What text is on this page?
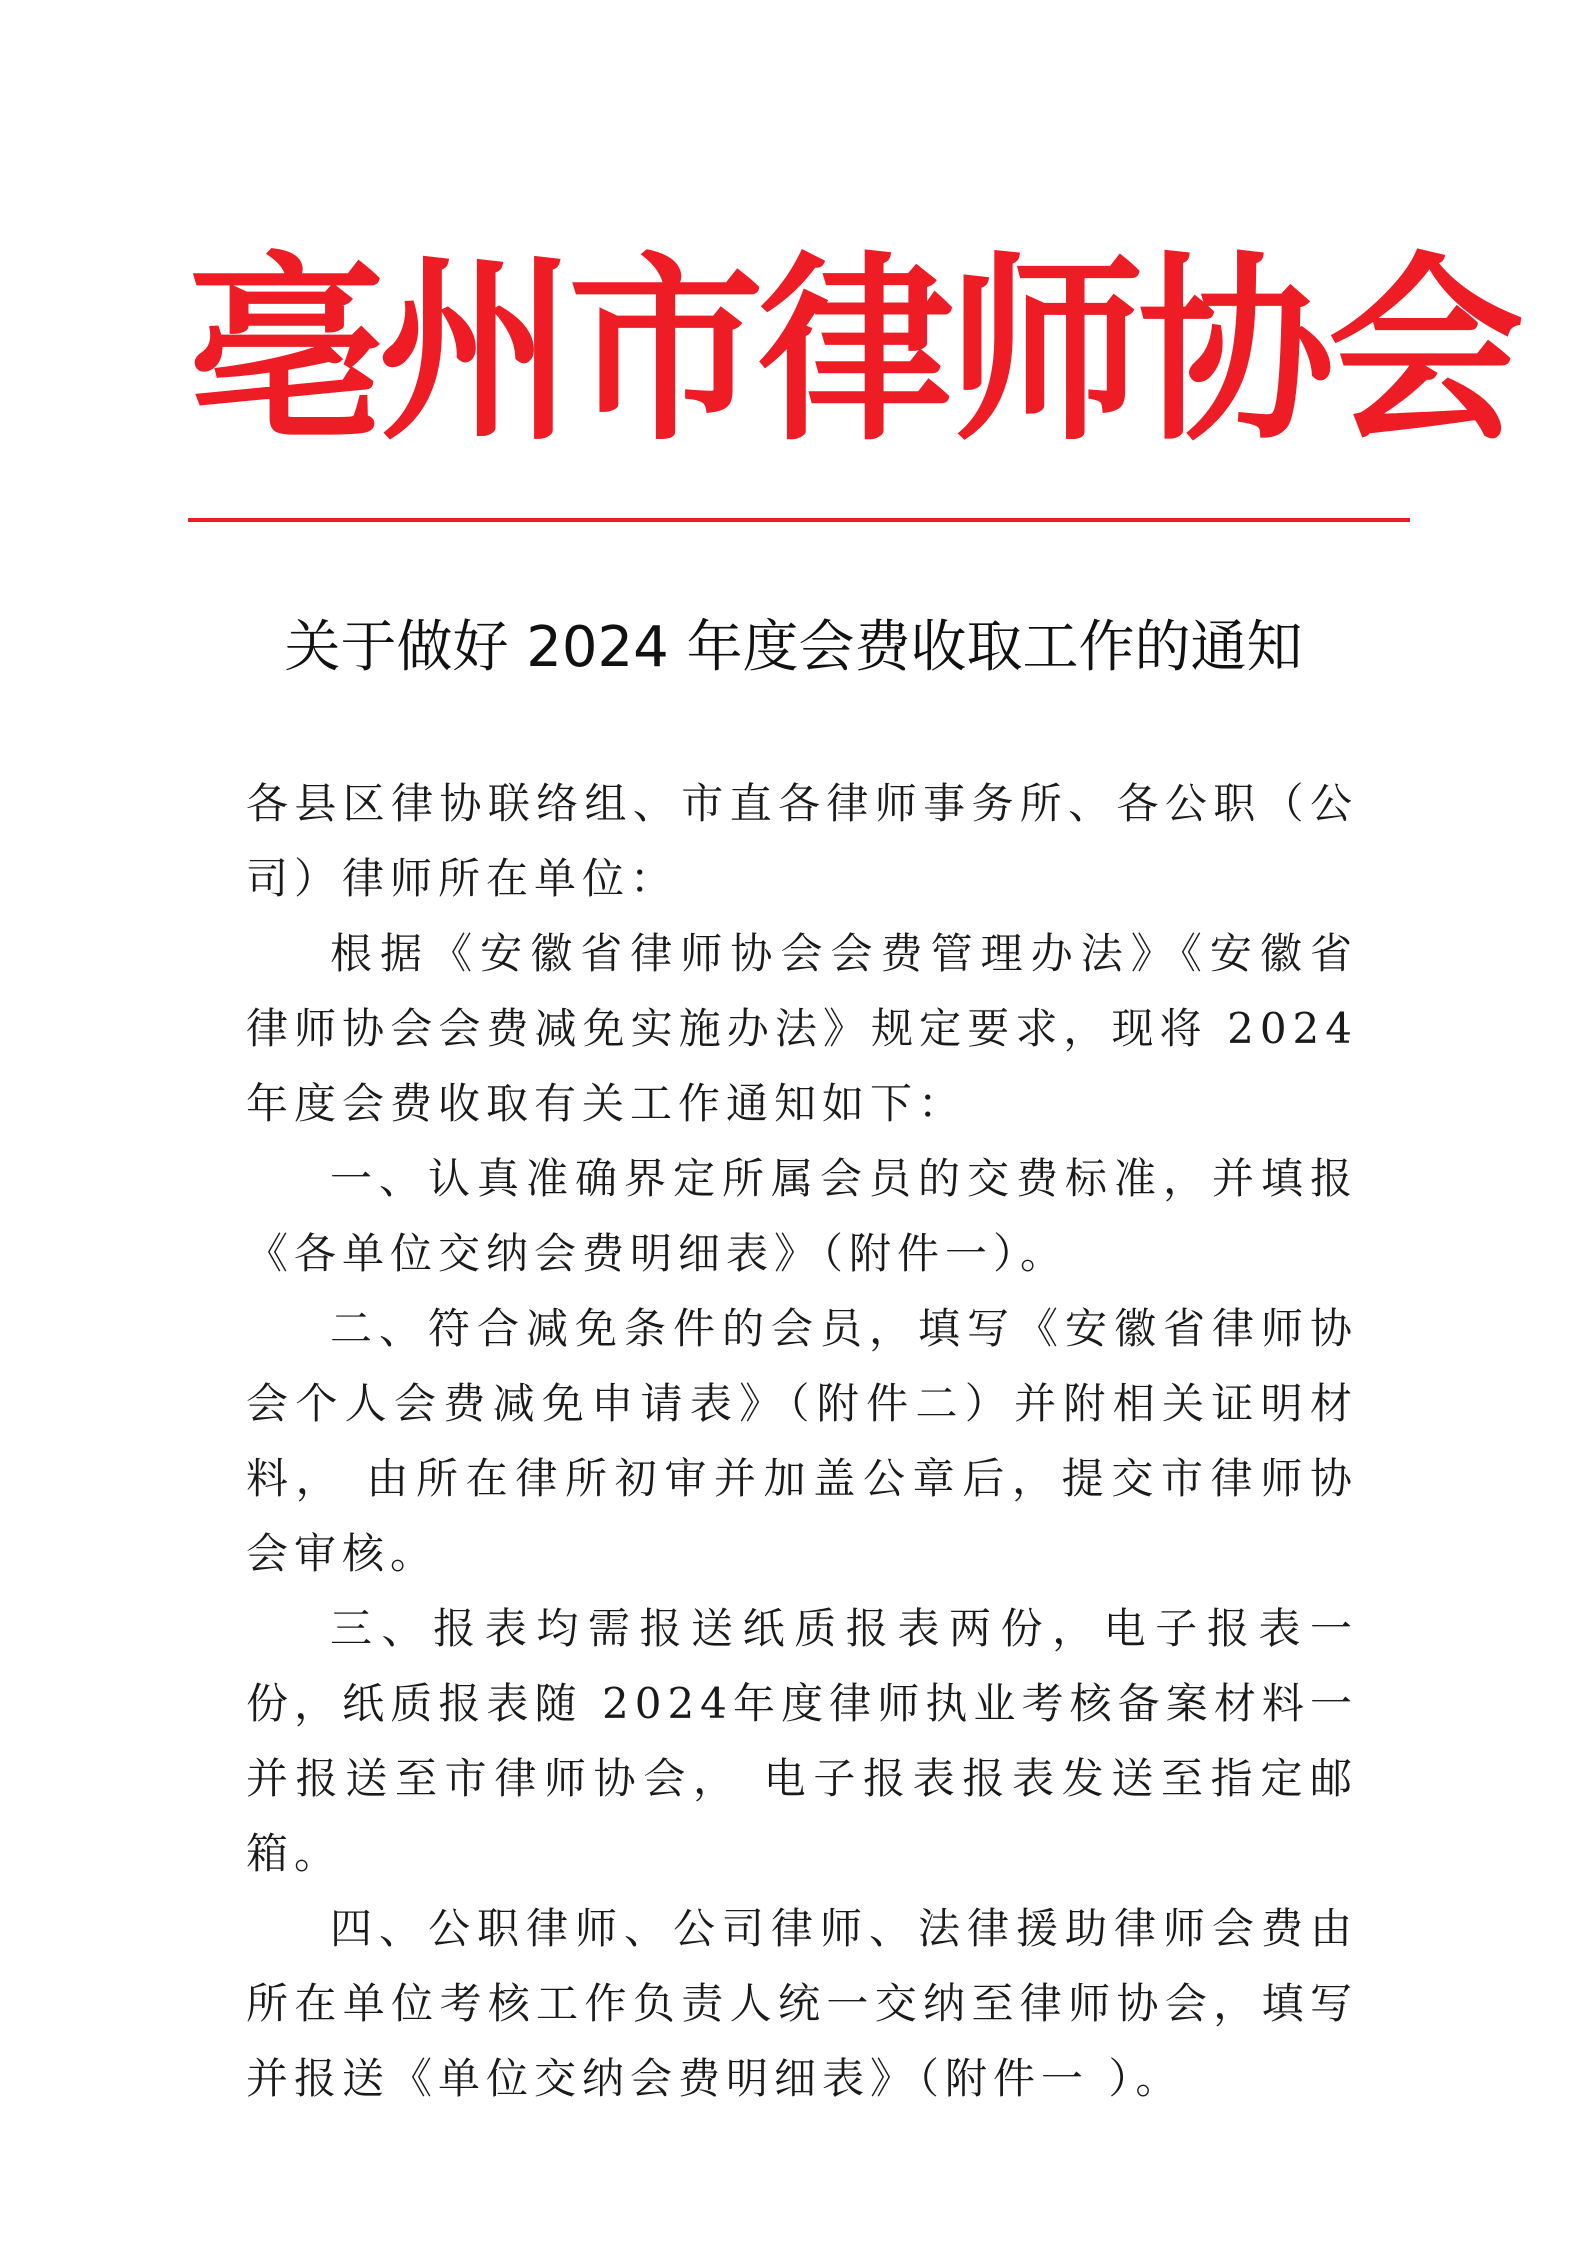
亳州市律师协会
关于做好 2024 年度会费收取工作的通知

各县区律协联络组、市直各律师事务所、各公职（公司）律师所在单位：

根据《安徽省律师协会会费管理办法》《安徽省律师协会会费减免实施办法》规定要求，现将 2024 年度会费收取有关工作通知如下：

一、认真准确界定所属会员的交费标准，并填报《各单位交纳会费明细表》（附件一）。

二、符合减免条件的会员，填写《安徽省律师协会个人会费减免申请表》（附件二）并附相关证明材料， 由所在律所初审并加盖公章后，提交市律师协会审核。

三、报表均需报送纸质报表两份，电子报表一份，纸质报表随 2024年度律师执业考核备案材料一并报送至市律师协会， 电子报表报表发送至指定邮箱。

四、公职律师、公司律师、法律援助律师会费由所在单位考核工作负责人统一交纳至律师协会，填写并报送《单位交纳会费明细表》（附件一 ）。
